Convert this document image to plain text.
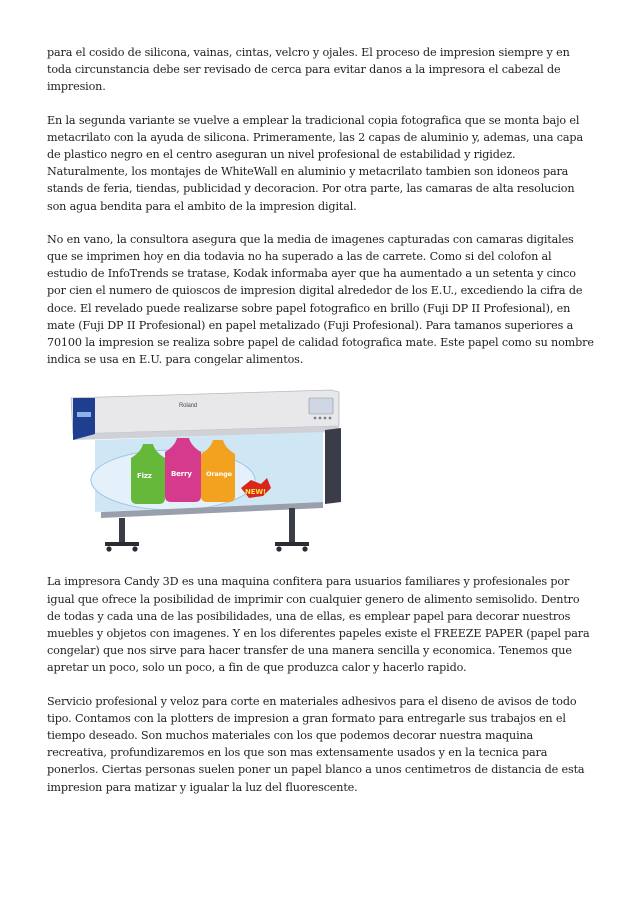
para el cosido de silicona, vainas, cintas, velcro y ojales. El proceso de impresion siempre y en toda circunstancia debe ser revisado de cerca para evitar danos a la impresora el cabezal de impresion.

En la segunda variante se vuelve a emplear la tradicional copia fotografica que se monta bajo el metacrilato con la ayuda de silicona. Primeramente, las 2 capas de aluminio y, ademas, una capa de plastico negro en el centro aseguran un nivel profesional de estabilidad y rigidez. Naturalmente, los montajes de WhiteWall en aluminio y metacrilato tambien son idoneos para stands de feria, tiendas, publicidad y decoracion. Por otra parte, las camaras de alta resolucion son agua bendita para el ambito de la impresion digital.

No en vano, la consultora asegura que la media de imagenes capturadas con camaras digitales que se imprimen hoy en dia todavia no ha superado a las de carrete. Como si del colofon al estudio de InfoTrends se tratase, Kodak informaba ayer que ha aumentado a un setenta y cinco por cien el numero de quioscos de impresion digital alrededor de los E.U., excediendo la cifra de doce. El revelado puede realizarse sobre papel fotografico en brillo (Fuji DP II Profesional), en mate (Fuji DP II Profesional) en papel metalizado (Fuji Profesional). Para tamanos superiores a 70100 la impresion se realiza sobre papel de calidad fotografica mate. Este papel como su nombre indica se usa en E.U. para congelar alimentos.

Roland
Fizz	Berry Orange
NEW!

La impresora Candy 3D es una maquina confitera para usuarios familiares y profesionales por igual que ofrece la posibilidad de imprimir con cualquier genero de alimento semisolido. Dentro de todas y cada una de las posibilidades, una de ellas, es emplear papel para decorar nuestros muebles y objetos con imagenes. Y en los diferentes papeles existe el FREEZE PAPER (papel para congelar) que nos sirve para hacer transfer de una manera sencilla y economica. Tenemos que apretar un poco, solo un poco, a fin de que produzca calor y hacerlo rapido.

Servicio profesional y veloz para corte en materiales adhesivos para el diseno de avisos de todo tipo. Contamos con la plotters de impresion a gran formato para entregarle sus trabajos en el tiempo deseado. Son muchos materiales con los que podemos decorar nuestra maquina recreativa, profundizaremos en los que son mas extensamente usados y en la tecnica para ponerlos. Ciertas personas suelen poner un papel blanco a unos centimetros de distancia de esta impresion para matizar y igualar la luz del fluorescente.
